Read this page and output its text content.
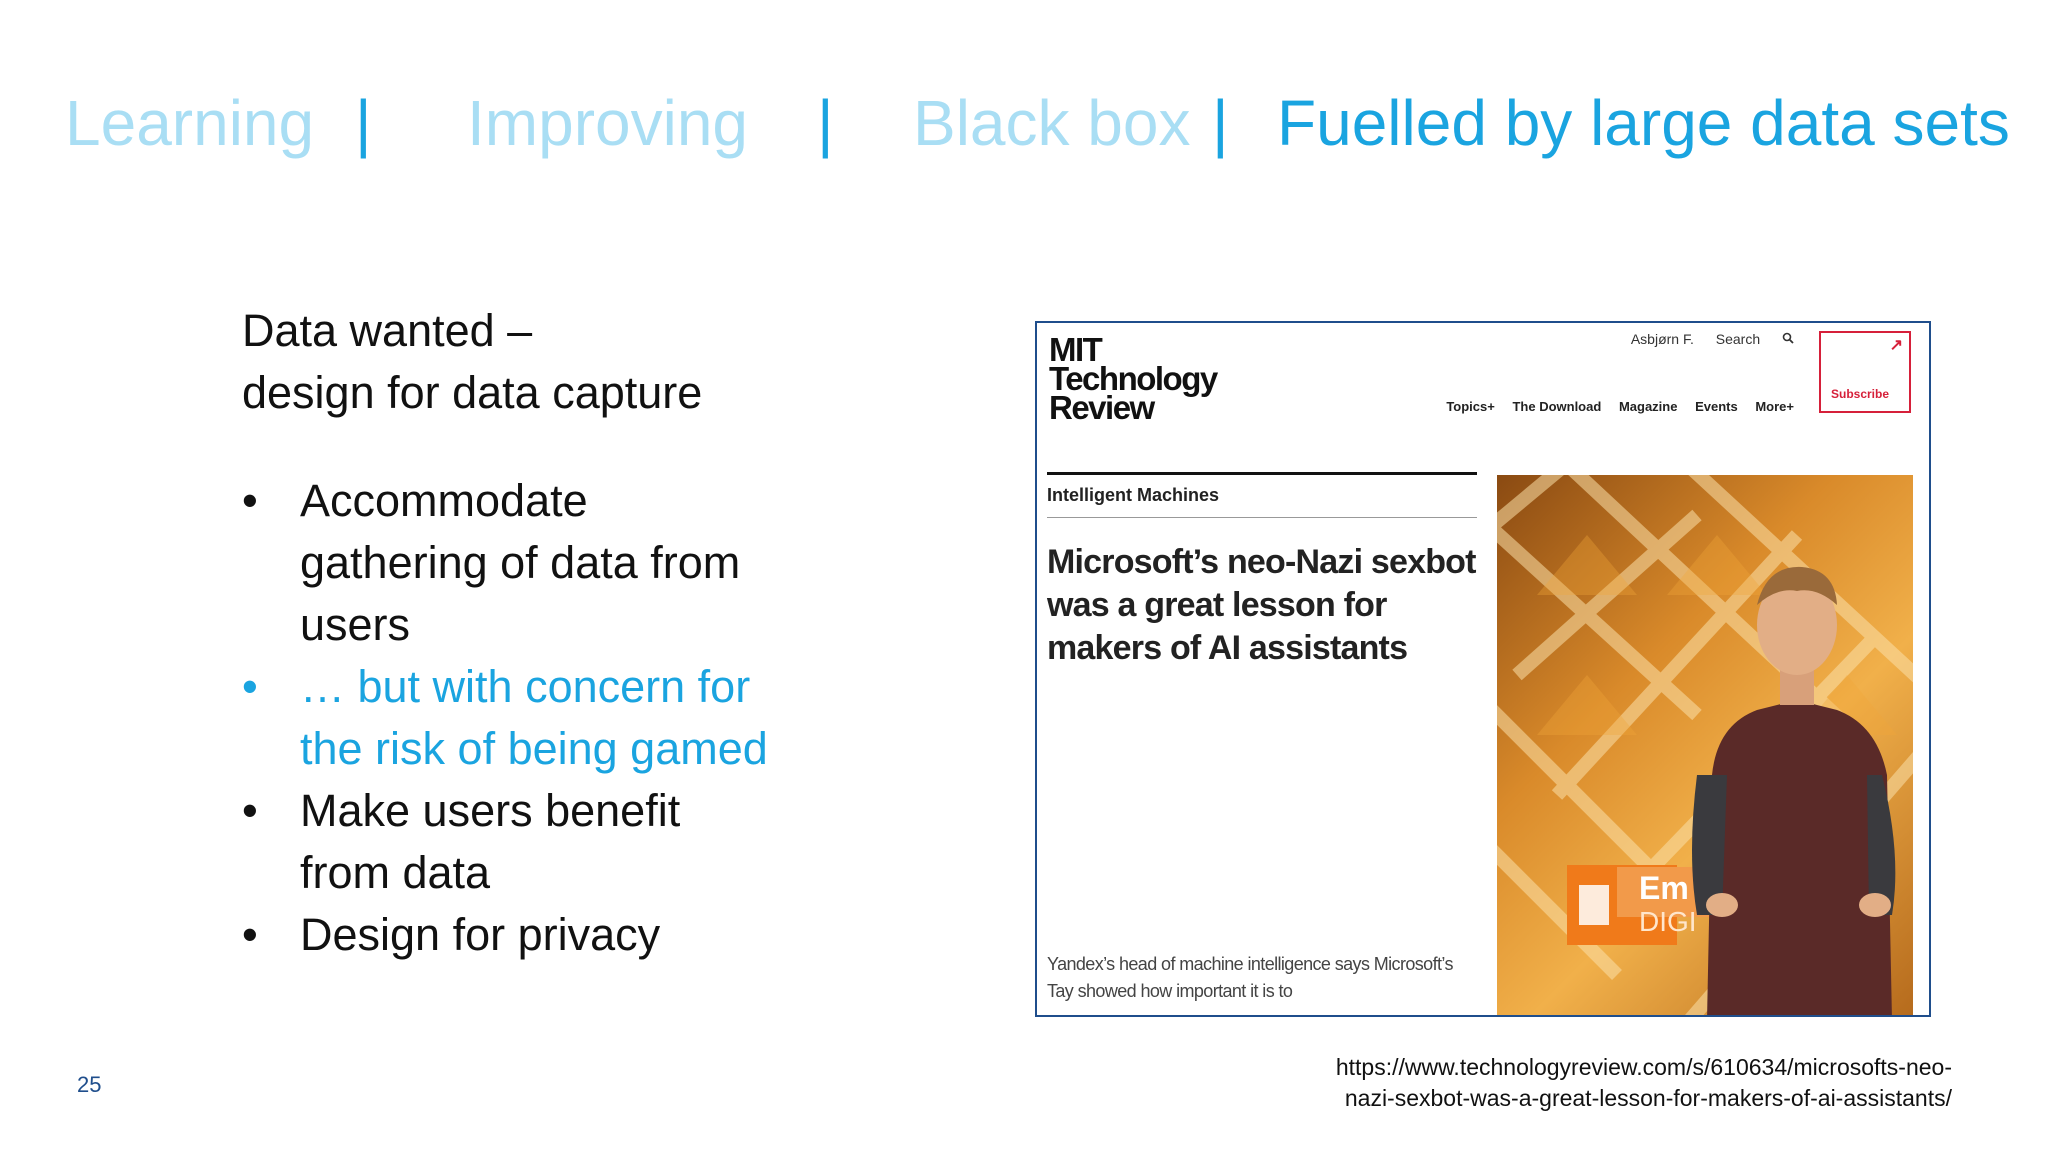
Learning | Improving | Black box | Fuelled by large data sets
Data wanted –
design for data capture
• Accommodate gathering of data from users
• … but with concern for the risk of being gamed
• Make users benefit from data
• Design for privacy
MIT
Technology
Review
Asbjørn F. Search
Topics+ The Download Magazine Events More+
↗
Subscribe
Intelligent Machines
Microsoft’s neo-Nazi sexbot was a great lesson for makers of AI assistants
Yandex’s head of machine intelligence says Microsoft’s Tay showed how important it is to
Em
DIGI
https://www.technologyreview.com/s/610634/microsofts-neo-
nazi-sexbot-was-a-great-lesson-for-makers-of-ai-assistants/
25
